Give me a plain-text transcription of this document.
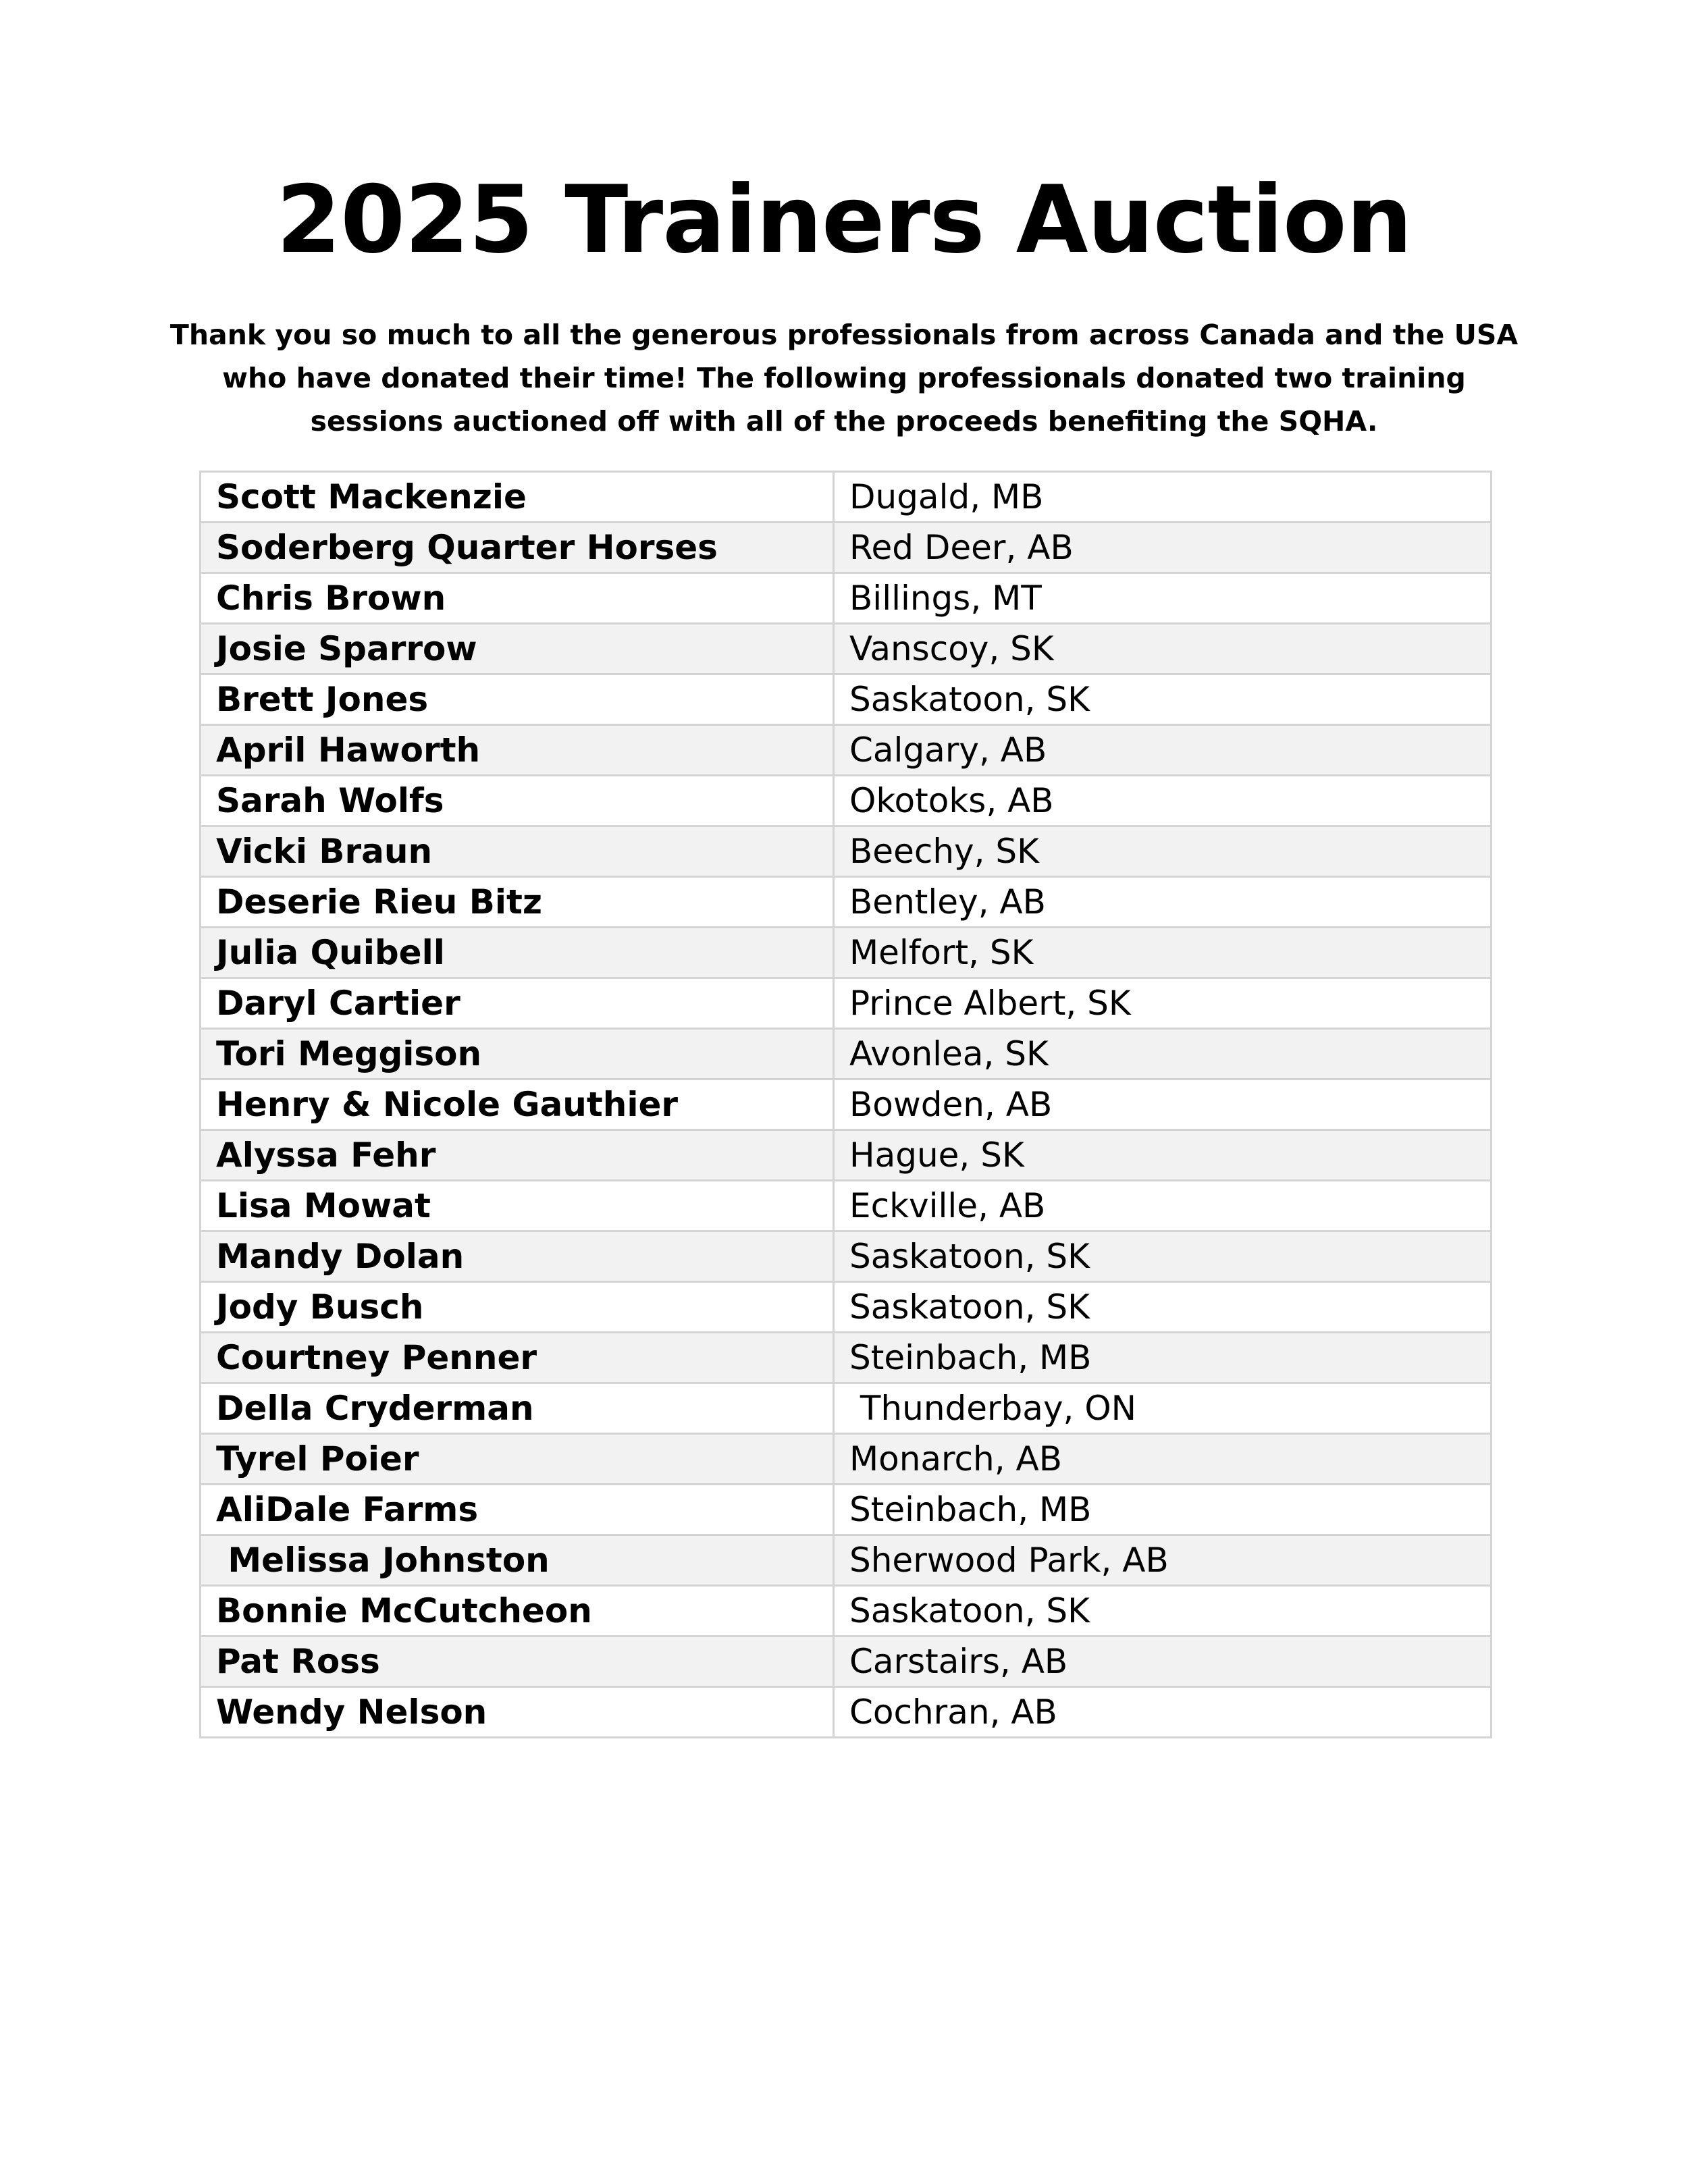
2025 Trainers Auction

Thank you so much to all the generous professionals from across Canada and the USA who have donated their time! The following professionals donated two training sessions auctioned off with all of the proceeds benefiting the SQHA.

Scott Mackenzie	Dugald, MB
Soderberg Quarter Horses	Red Deer, AB
Chris Brown	Billings, MT
Josie Sparrow	Vanscoy, SK
Brett Jones	Saskatoon, SK
April Haworth	Calgary, AB
Sarah Wolfs	Okotoks, AB
Vicki Braun	Beechy, SK
Deserie Rieu Bitz	Bentley, AB
Julia Quibell	Melfort, SK
Daryl Cartier	Prince Albert, SK
Tori Meggison	Avonlea, SK
Henry & Nicole Gauthier	Bowden, AB
Alyssa Fehr	Hague, SK
Lisa Mowat	Eckville, AB
Mandy Dolan	Saskatoon, SK
Jody Busch	Saskatoon, SK
Courtney Penner	Steinbach, MB
Della Cryderman	Thunderbay, ON
Tyrel Poier	Monarch, AB
AliDale Farms	Steinbach, MB
Melissa Johnston	Sherwood Park, AB
Bonnie McCutcheon	Saskatoon, SK
Pat Ross	Carstairs, AB
Wendy Nelson	Cochran, AB
